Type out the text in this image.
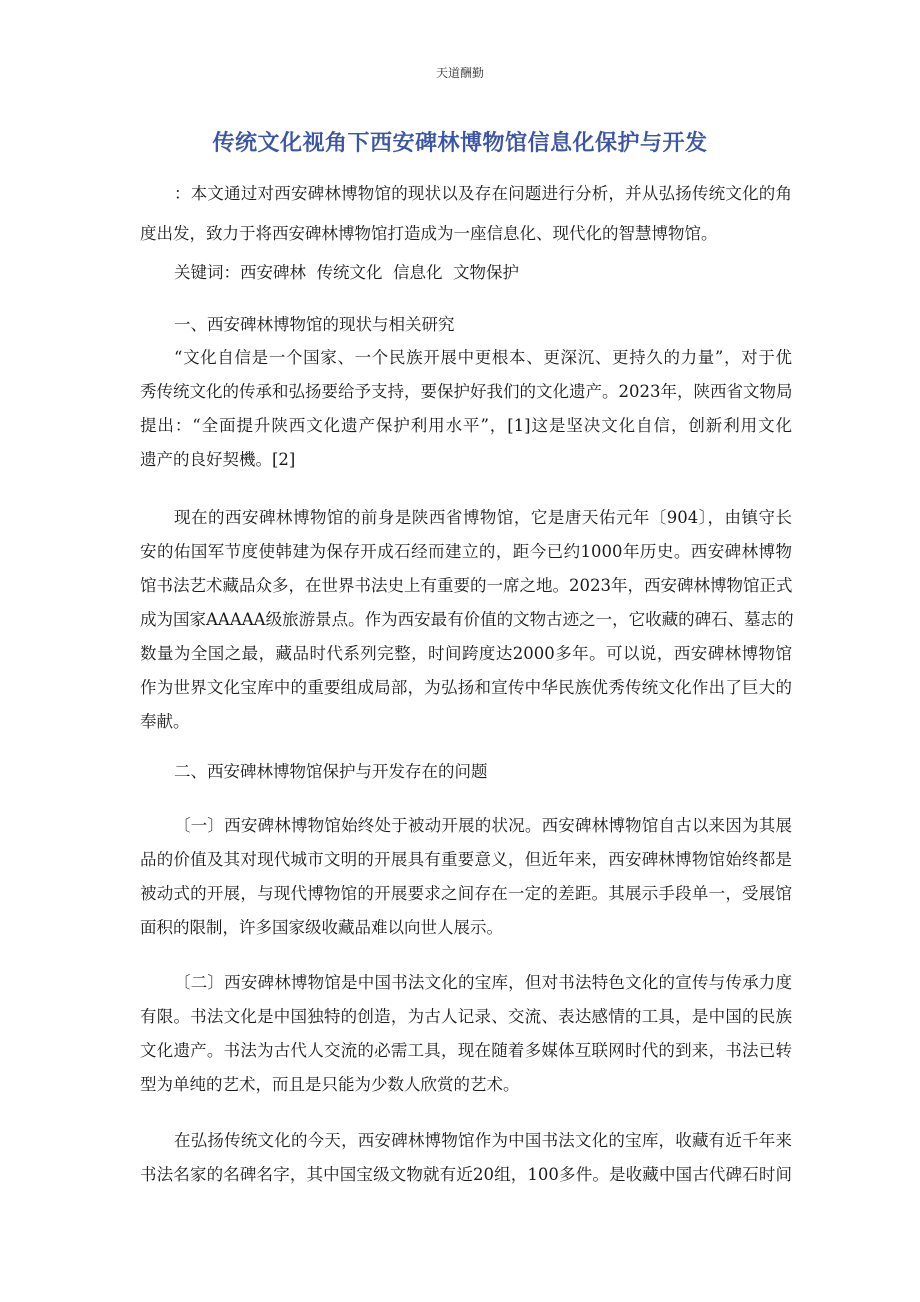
天道酬勤
传统文化视角下西安碑林博物馆信息化保护与开发
：本文通过对西安碑林博物馆的现状以及存在问题进行分析，并从弘扬传统文化的角
度出发，致力于将西安碑林博物馆打造成为一座信息化、现代化的智慧博物馆。
关键词：西安碑林  传统文化  信息化  文物保护
一、西安碑林博物馆的现状与相关研究
“文化自信是一个国家、一个民族开展中更根本、更深沉、更持久的力量”，对于优
秀传统文化的传承和弘扬要给予支持，要保护好我们的文化遗产。2023年，陕西省文物局
提出：“全面提升陕西文化遗产保护利用水平”，[1]这是坚决文化自信，创新利用文化
遗产的良好契機。[2]
现在的西安碑林博物馆的前身是陕西省博物馆，它是唐天佑元年〔904〕，由镇守长
安的佑国军节度使韩建为保存开成石经而建立的，距今已约1000年历史。西安碑林博物
馆书法艺术藏品众多，在世界书法史上有重要的一席之地。2023年，西安碑林博物馆正式
成为国家AAAAA级旅游景点。作为西安最有价值的文物古迹之一，它收藏的碑石、墓志的
数量为全国之最，藏品时代系列完整，时间跨度达2000多年。可以说，西安碑林博物馆
作为世界文化宝库中的重要组成局部，为弘扬和宣传中华民族优秀传统文化作出了巨大的
奉献。
二、西安碑林博物馆保护与开发存在的问题
〔一〕西安碑林博物馆始终处于被动开展的状况。西安碑林博物馆自古以来因为其展
品的价值及其对现代城市文明的开展具有重要意义，但近年来，西安碑林博物馆始终都是
被动式的开展，与现代博物馆的开展要求之间存在一定的差距。其展示手段单一，受展馆
面积的限制，许多国家级收藏品难以向世人展示。
〔二〕西安碑林博物馆是中国书法文化的宝库，但对书法特色文化的宣传与传承力度
有限。书法文化是中国独特的创造，为古人记录、交流、表达感情的工具，是中国的民族
文化遗产。书法为古代人交流的必需工具，现在随着多媒体互联网时代的到来，书法已转
型为单纯的艺术，而且是只能为少数人欣赏的艺术。
在弘扬传统文化的今天，西安碑林博物馆作为中国书法文化的宝库，收藏有近千年来
书法名家的名碑名字，其中国宝级文物就有近20组，100多件。是收藏中国古代碑石时间
